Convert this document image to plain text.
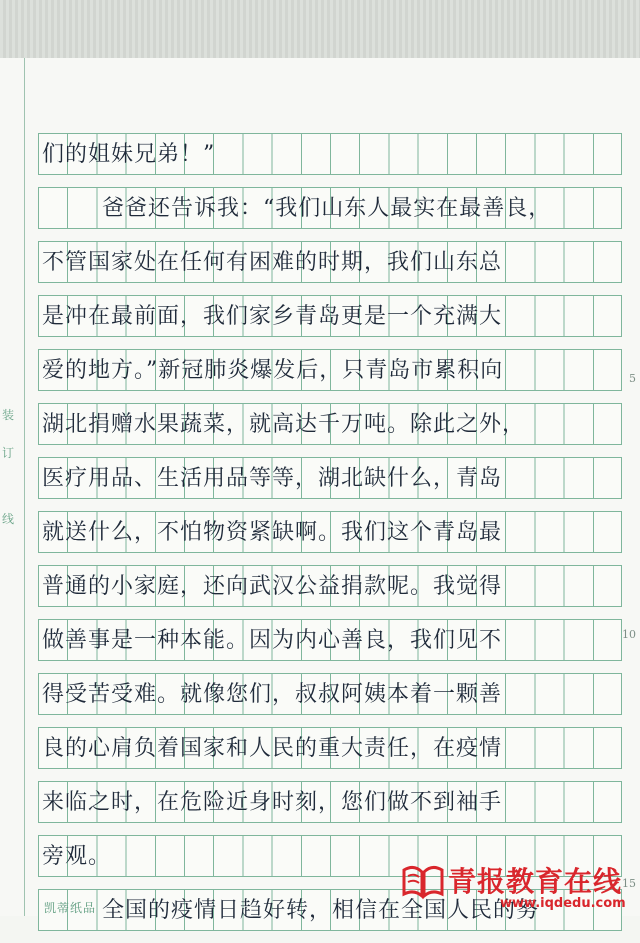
装
订
线
5
10
15
们的姐妹兄弟！”
爸爸还告诉我：“我们山东人最实在最善良，
不管国家处在任何有困难的时期，我们山东总
是冲在最前面，我们家乡青岛更是一个充满大
爱的地方。”新冠肺炎爆发后，只青岛市累积向
湖北捐赠水果蔬菜，就高达千万吨。除此之外，
医疗用品、生活用品等等，湖北缺什么，青岛
就送什么，不怕物资紧缺啊。我们这个青岛最
普通的小家庭，还向武汉公益捐款呢。我觉得
做善事是一种本能。因为内心善良，我们见不
得受苦受难。就像您们，叔叔阿姨本着一颗善
良的心肩负着国家和人民的重大责任，在疫情
来临之时，在危险近身时刻，您们做不到袖手
旁观。
全国的疫情日趋好转，相信在全国人民的努
凯蒂纸品
青报教育在线
www.iqdedu.com
